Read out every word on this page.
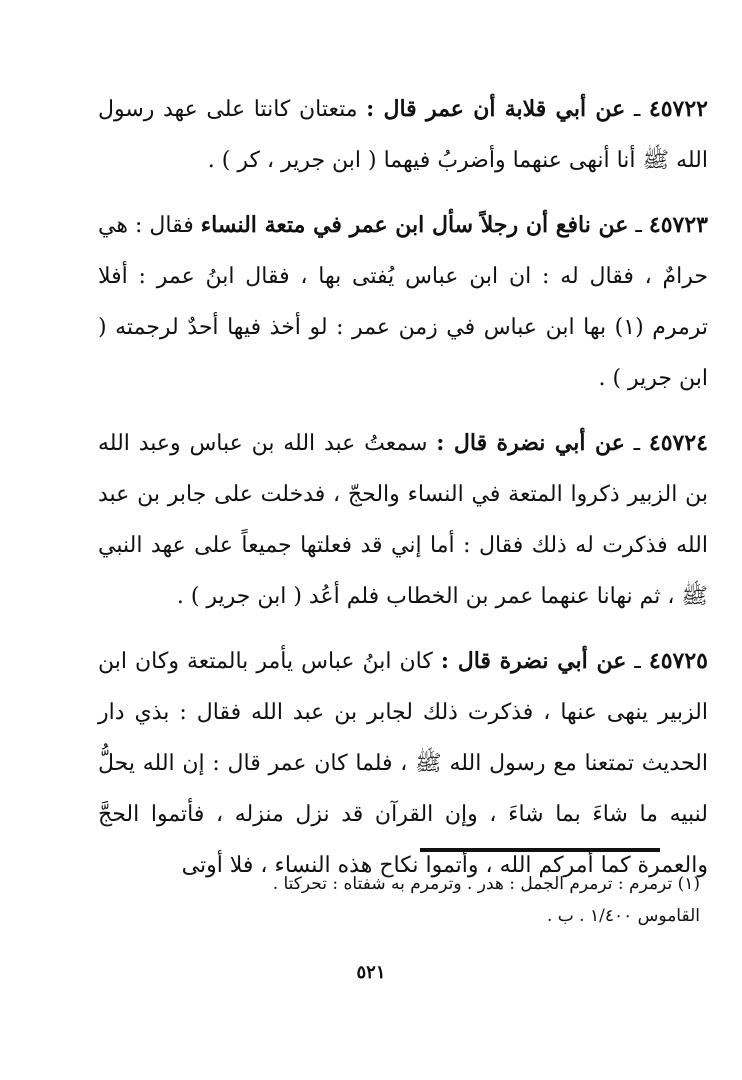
٤٥٧٢٢ ـ عن أبي قلابة أن عمر قال : متعتان كانتا على عهد رسول الله ﷺ أنا أنهى عنهما وأضربُ فيهما ( ابن جرير ، كر ) .

٤٥٧٢٣ ـ عن نافع أن رجلاً سأل ابن عمر في متعة النساء فقال : هي حرامٌ ، فقال له : ان ابن عباس يُفتى بها ، فقال ابنُ عمر : أفلا ترمرم (١) بها ابن عباس في زمن عمر : لو أخذ فيها أحدٌ لرجمته ( ابن جرير ) .

٤٥٧٢٤ ـ عن أبي نضرة قال : سمعتُ عبد الله بن عباس وعبد الله بن الزبير ذكروا المتعة في النساء والحجّ ، فدخلت على جابر بن عبد الله فذكرت له ذلك فقال : أما إني قد فعلتها جميعاً على عهد النبي ﷺ ، ثم نهانا عنهما عمر بن الخطاب فلم أعُد ( ابن جرير ) .

٤٥٧٢٥ ـ عن أبي نضرة قال : كان ابنُ عباس يأمر بالمتعة وكان ابن الزبير ينهى عنها ، فذكرت ذلك لجابر بن عبد الله فقال : بذي دار الحديث تمتعنا مع رسول الله ﷺ ، فلما كان عمر قال : إن الله يحلُّ لنبيه ما شاءَ بما شاءَ ، وإن القرآن قد نزل منزله ، فأتموا الحجَّ والعمرة كما أمركم الله ، وأتموا نكاح هذه النساء ، فلا أوتى

(١) ترمرم : ترمرم الجمل : هدر . وترمرم به شفتاه : تحركتا .
القاموس ١/٤٠٠ . ب .
٥٢١
